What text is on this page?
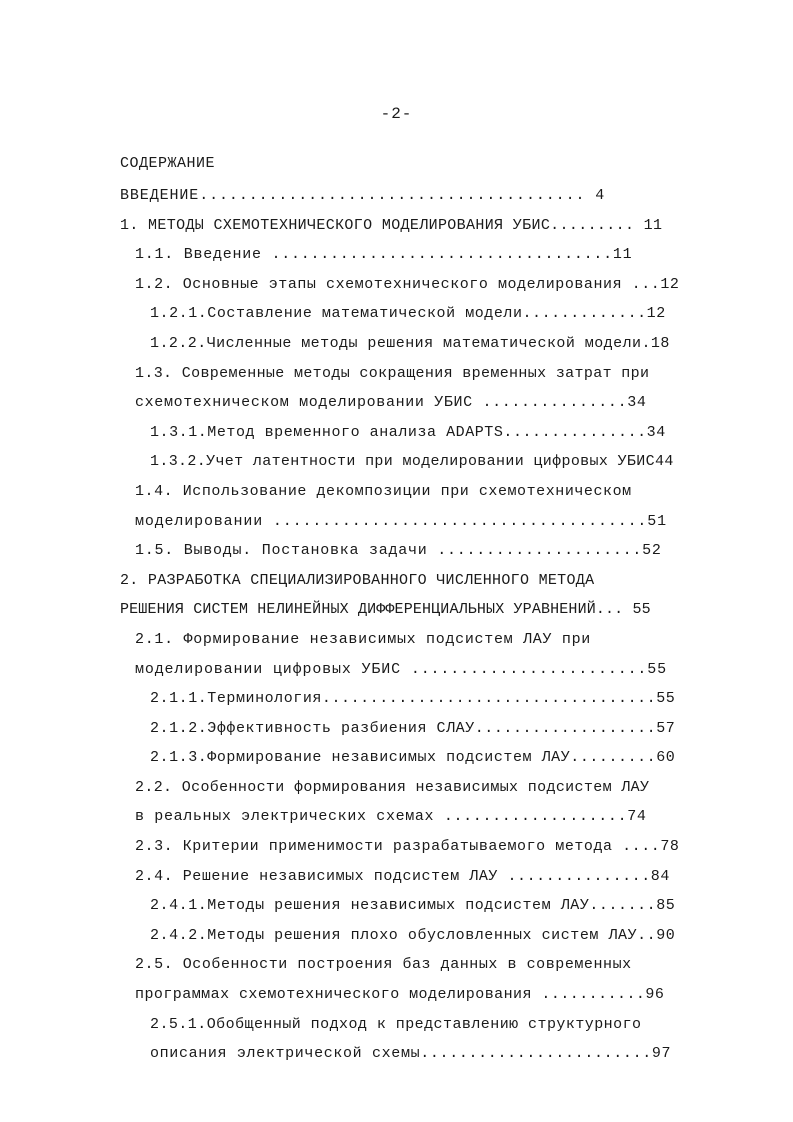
-2-
СОДЕРЖАНИЕ
ВВЕДЕНИЕ....................................... 4
1. МЕТОДЫ СХЕМОТЕХНИЧЕСКОГО МОДЕЛИРОВАНИЯ УБИС......... 11
1.1. Введение ...................................11
1.2. Основные этапы схемотехнического моделирования ...12
1.2.1.Составление математической модели.............12
1.2.2.Численные методы решения математической модели.18
1.3. Современные методы сокращения временных затрат при
схемотехническом моделировании УБИС ...............34
1.3.1.Метод временного анализа ADAPTS...............34
1.3.2.Учет латентности при моделировании цифровых УБИС44
1.4. Использование декомпозиции при схемотехническом
моделировании ......................................51
1.5. Выводы. Постановка задачи .....................52
2. РАЗРАБОТКА СПЕЦИАЛИЗИРОВАННОГО ЧИСЛЕННОГО МЕТОДА
РЕШЕНИЯ СИСТЕМ НЕЛИНЕЙНЫХ ДИФФЕРЕНЦИАЛЬНЫХ УРАВНЕНИЙ... 55
2.1. Формирование независимых подсистем ЛАУ при
моделировании цифровых УБИС ........................55
2.1.1.Терминология...................................55
2.1.2.Эффективность разбиения СЛАУ...................57
2.1.3.Формирование независимых подсистем ЛАУ.........60
2.2. Особенности формирования независимых подсистем ЛАУ
в реальных электрических схемах ...................74
2.3. Критерии применимости разрабатываемого метода ....78
2.4. Решение независимых подсистем ЛАУ ...............84
2.4.1.Методы решения независимых подсистем ЛАУ.......85
2.4.2.Методы решения плохо обусловленных систем ЛАУ..90
2.5. Особенности построения баз данных в современных
программах схемотехнического моделирования ...........96
2.5.1.Обобщенный подход к представлению структурного
описания электрической схемы........................97
